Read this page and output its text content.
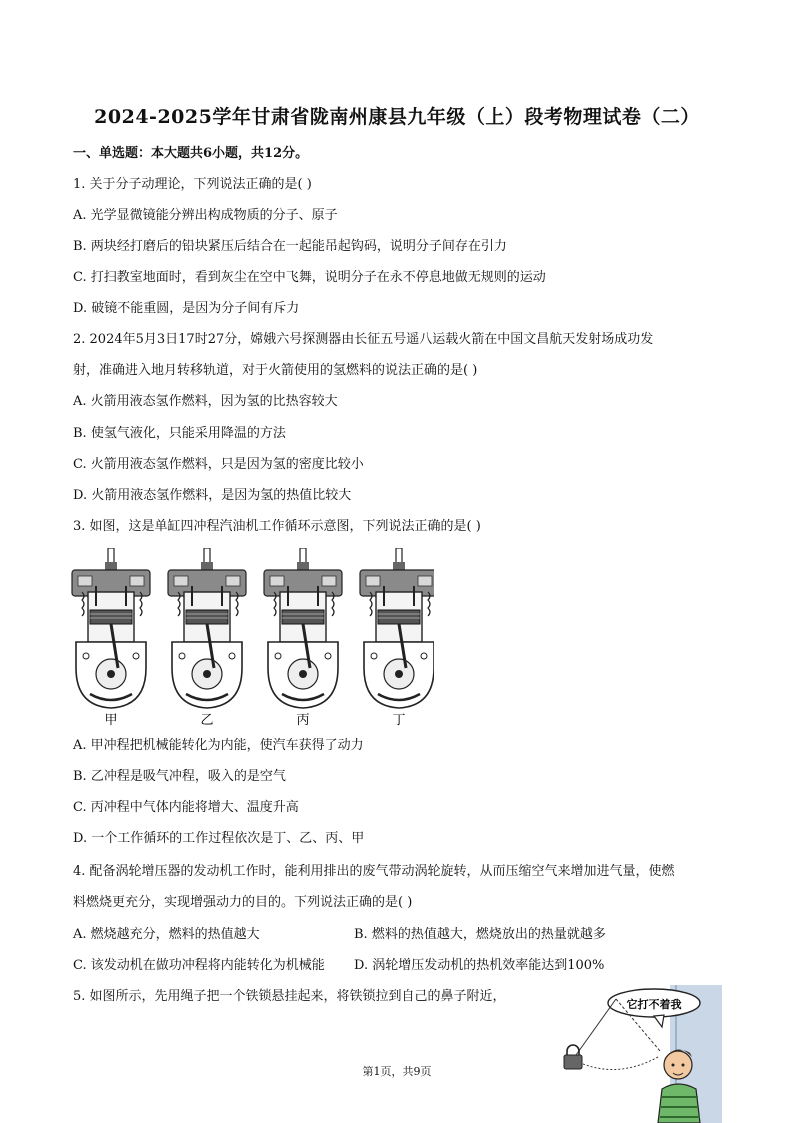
2024-2025学年甘肃省陇南州康县九年级（上）段考物理试卷（二）
一、单选题：本大题共6小题，共12分。
1. 关于分子动理论，下列说法正确的是( )
A. 光学显微镜能分辨出构成物质的分子、原子
B. 两块经打磨后的铅块紧压后结合在一起能吊起钩码，说明分子间存在引力
C. 打扫教室地面时，看到灰尘在空中飞舞，说明分子在永不停息地做无规则的运动
D. 破镜不能重圆，是因为分子间有斥力
2. 2024年5月3日17时27分，嫦娥六号探测器由长征五号遥八运载火箭在中国文昌航天发射场成功发
射，准确进入地月转移轨道，对于火箭使用的氢燃料的说法正确的是( )
A. 火箭用液态氢作燃料，因为氢的比热容较大
B. 使氢气液化，只能采用降温的方法
C. 火箭用液态氢作燃料，只是因为氢的密度比较小
D. 火箭用液态氢作燃料，是因为氢的热值比较大
3. 如图，这是单缸四冲程汽油机工作循环示意图，下列说法正确的是( )
甲	乙	丙	丁
A. 甲冲程把机械能转化为内能，使汽车获得了动力
B. 乙冲程是吸气冲程，吸入的是空气
C. 丙冲程中气体内能将增大、温度升高
D. 一个工作循环的工作过程依次是丁、乙、丙、甲
4. 配备涡轮增压器的发动机工作时，能利用排出的废气带动涡轮旋转，从而压缩空气来增加进气量，使燃
料燃烧更充分，实现增强动力的目的。下列说法正确的是( )
A. 燃烧越充分，燃料的热值越大	B. 燃料的热值越大，燃烧放出的热量就越多
C. 该发动机在做功冲程将内能转化为机械能 D. 涡轮增压发动机的热机效率能达到100%
5. 如图所示，先用绳子把一个铁锁悬挂起来，将铁锁拉到自己的鼻子附近，
它打不着我
第1页，共9页
